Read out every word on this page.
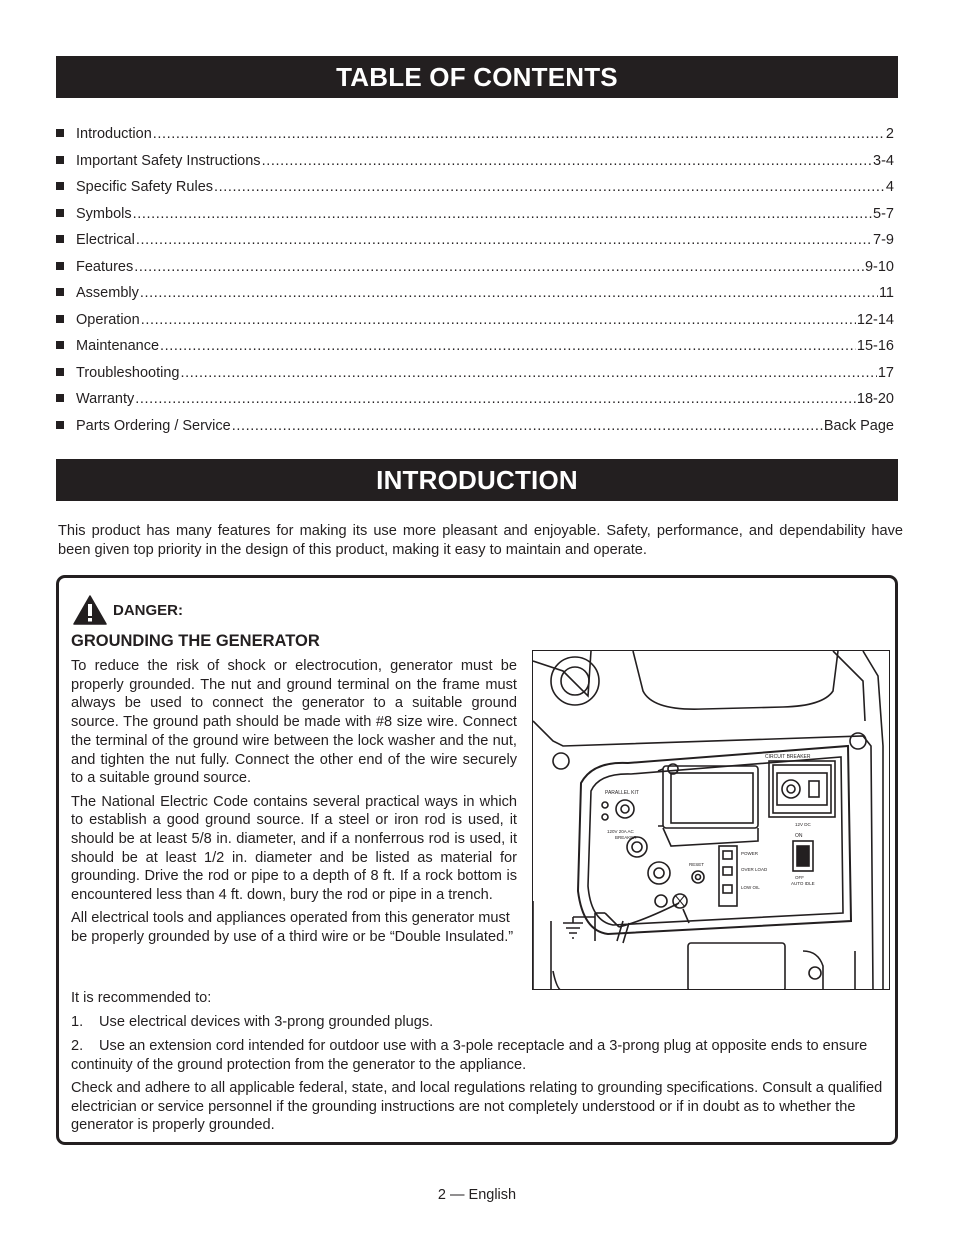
TABLE OF CONTENTS
Introduction .....	2
Important Safety Instructions .....	3-4
Specific Safety Rules .....	4
Symbols .....	5-7
Electrical .....	7-9
Features .....	9-10
Assembly .....	11
Operation .....	12-14
Maintenance .....	15-16
Troubleshooting .....	17
Warranty .....	18-20
Parts Ordering / Service .....	Back Page
INTRODUCTION

This product has many features for making its use more pleasant and enjoyable. Safety, performance, and dependability have been given top priority in the design of this product, making it easy to maintain and operate.

DANGER:
GROUNDING THE GENERATOR

To reduce the risk of shock or electrocution, generator must be properly grounded. The nut and ground terminal on the frame must always be used to connect the generator to a suitable ground source. The ground path should be made with #8 size wire. Connect the terminal of the ground wire between the lock washer and the nut, and tighten the nut fully. Connect the other end of the wire securely to a suitable ground source.

The National Electric Code contains several practical ways in which to establish a good ground source. If a steel or iron rod is used, it should be at least 5/8 in. diameter, and if a nonferrous rod is used, it should be at least 1/2 in. diameter and be listed as material for grounding. Drive the rod or pipe to a depth of 8 ft. If a rock bottom is encountered less than 4 ft. down, bury the rod or pipe in a trench.

All electrical tools and appliances operated from this generator must be properly grounded by use of a third wire or be “Double Insulated.”

PARALLEL KIT
120V 20A AC
BREAKER
CIRCUIT BREAKER
12V DC
ON
OFF
AUTO IDLE
POWER
OVER LOAD
LOW OIL
RESET

It is recommended to:

1. Use electrical devices with 3-prong grounded plugs.

2. Use an extension cord intended for outdoor use with a 3-pole receptacle and a 3-prong plug at opposite ends to ensure continuity of the ground protection from the generator to the appliance.

Check and adhere to all applicable federal, state, and local regulations relating to grounding specifications. Consult a qualified electrician or service personnel if the grounding instructions are not completely understood or if in doubt as to whether the generator is properly grounded.

2 — English
